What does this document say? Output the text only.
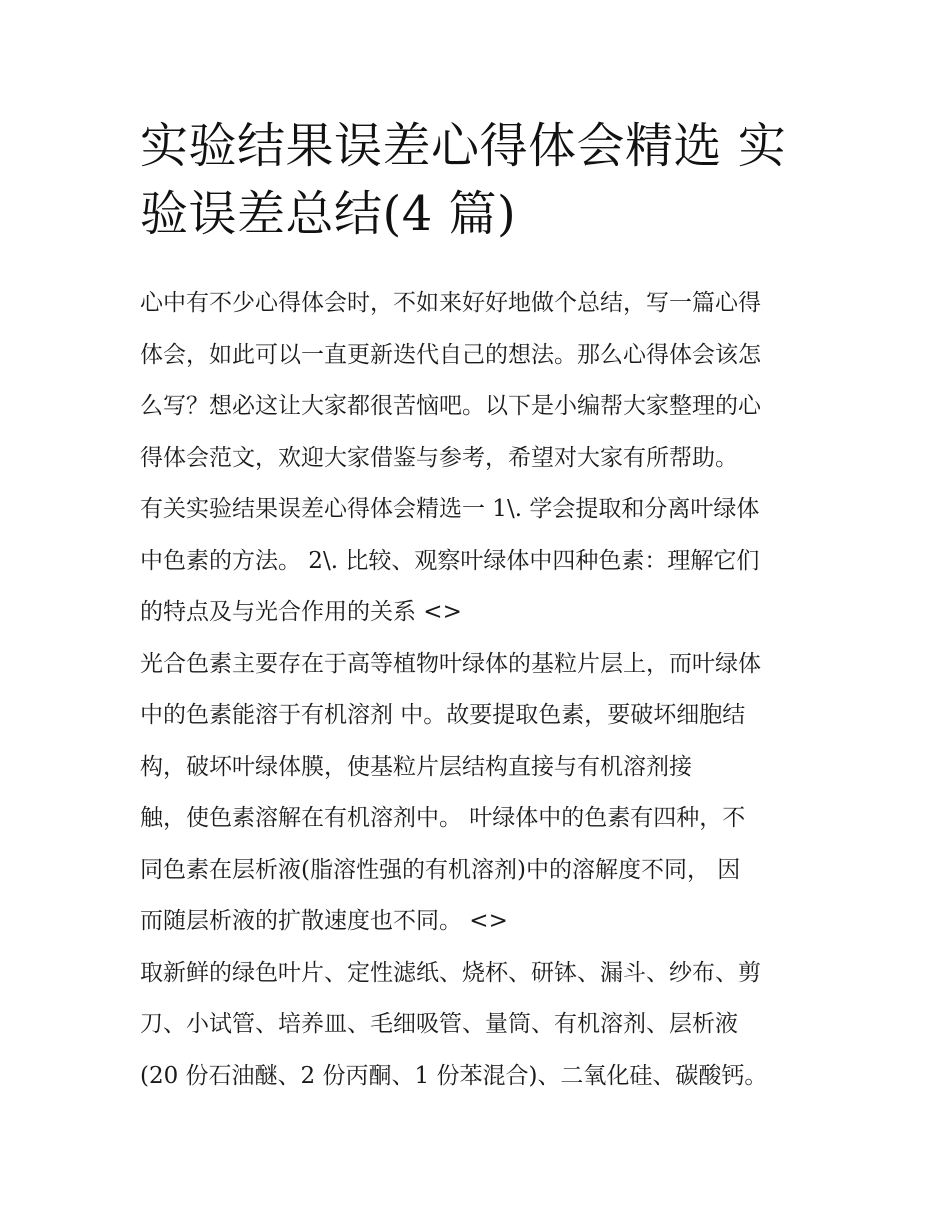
实验结果误差心得体会精选 实
验误差总结(4 篇)
心中有不少心得体会时，不如来好好地做个总结，写一篇心得
体会，如此可以一直更新迭代自己的想法。那么心得体会该怎
么写？想必这让大家都很苦恼吧。以下是小编帮大家整理的心
得体会范文，欢迎大家借鉴与参考，希望对大家有所帮助。
有关实验结果误差心得体会精选一 1\. 学会提取和分离叶绿体
中色素的方法。 2\. 比较、观察叶绿体中四种色素：理解它们
的特点及与光合作用的关系 <>
光合色素主要存在于高等植物叶绿体的基粒片层上，而叶绿体
中的色素能溶于有机溶剂 中。故要提取色素，要破坏细胞结
构，破坏叶绿体膜，使基粒片层结构直接与有机溶剂接
触，使色素溶解在有机溶剂中。 叶绿体中的色素有四种，不
同色素在层析液(脂溶性强的有机溶剂)中的溶解度不同， 因
而随层析液的扩散速度也不同。 <>
取新鲜的绿色叶片、定性滤纸、烧杯、研钵、漏斗、纱布、剪
刀、小试管、培养皿、毛细吸管、量筒、有机溶剂、层析液
(20 份石油醚、2 份丙酮、1 份苯混合)、二氧化硅、碳酸钙。
